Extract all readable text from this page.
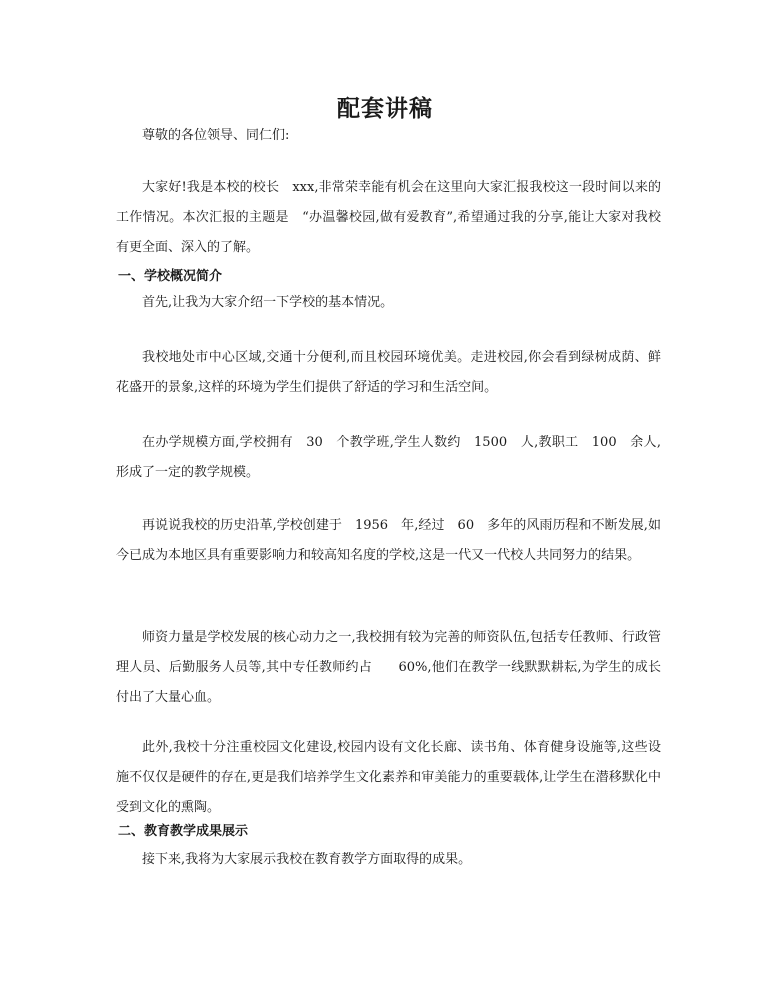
配套讲稿

尊敬的各位领导、同仁们:

大家好!我是本校的校长　xxx,非常荣幸能有机会在这里向大家汇报我校这一段时间以来的工作情况。本次汇报的主题是　“办温馨校园,做有爱教育”,希望通过我的分享,能让大家对我校有更全面、深入的了解。

一、学校概况简介

首先,让我为大家介绍一下学校的基本情况。

我校地处市中心区域,交通十分便利,而且校园环境优美。走进校园,你会看到绿树成荫、鲜花盛开的景象,这样的环境为学生们提供了舒适的学习和生活空间。

在办学规模方面,学校拥有　30　个教学班,学生人数约　1500　人,教职工　100　余人,形成了一定的教学规模。

再说说我校的历史沿革,学校创建于　1956　年,经过　60　多年的风雨历程和不断发展,如今已成为本地区具有重要影响力和较高知名度的学校,这是一代又一代校人共同努力的结果。

师资力量是学校发展的核心动力之一,我校拥有较为完善的师资队伍,包括专任教师、行政管理人员、后勤服务人员等,其中专任教师约占　　60%,他们在教学一线默默耕耘,为学生的成长付出了大量心血。

此外,我校十分注重校园文化建设,校园内设有文化长廊、读书角、体育健身设施等,这些设施不仅仅是硬件的存在,更是我们培养学生文化素养和审美能力的重要载体,让学生在潜移默化中受到文化的熏陶。

二、教育教学成果展示

接下来,我将为大家展示我校在教育教学方面取得的成果。
